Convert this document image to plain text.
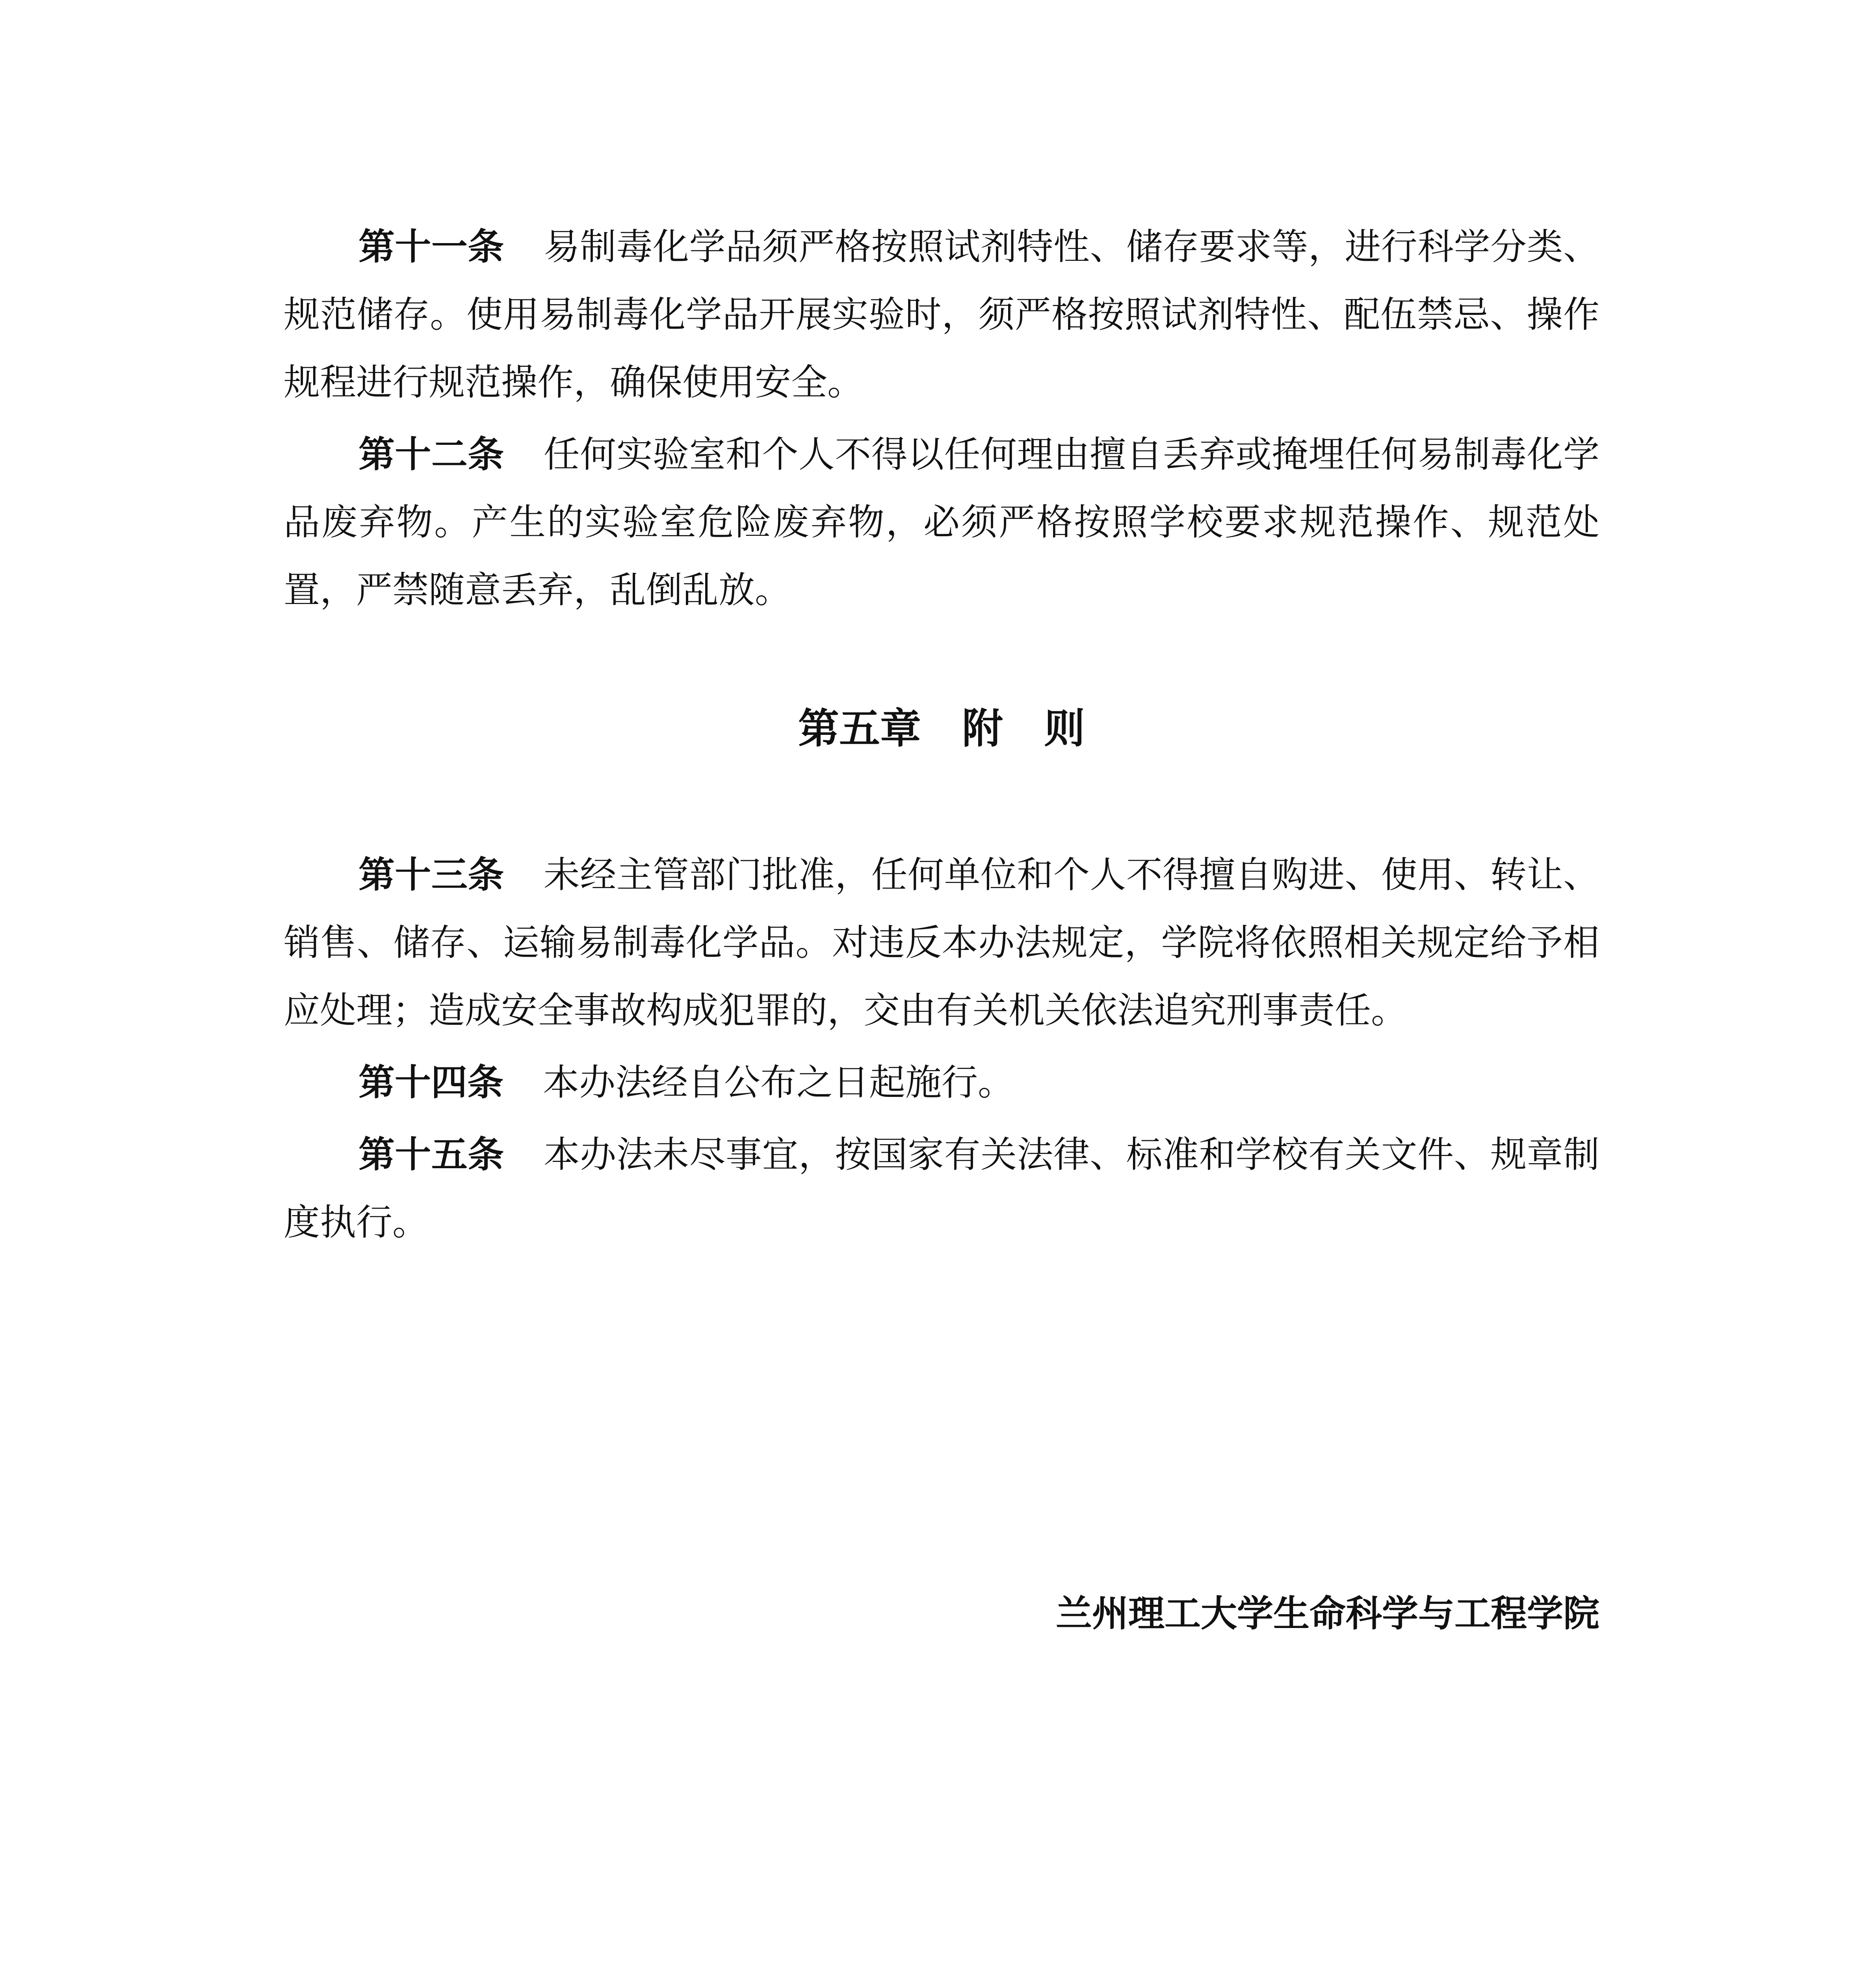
第十一条 易制毒化学品须严格按照试剂特性、储存要求等，进行科学分类、规范储存。使用易制毒化学品开展实验时，须严格按照试剂特性、配伍禁忌、操作规程进行规范操作，确保使用安全。

第十二条 任何实验室和个人不得以任何理由擅自丢弃或掩埋任何易制毒化学品废弃物。产生的实验室危险废弃物，必须严格按照学校要求规范操作、规范处置，严禁随意丢弃，乱倒乱放。

第五章　附　则

第十三条 未经主管部门批准，任何单位和个人不得擅自购进、使用、转让、销售、储存、运输易制毒化学品。对违反本办法规定，学院将依照相关规定给予相应处理；造成安全事故构成犯罪的，交由有关机关依法追究刑事责任。

第十四条 本办法经自公布之日起施行。

第十五条 本办法未尽事宜，按国家有关法律、标准和学校有关文件、规章制度执行。

兰州理工大学生命科学与工程学院
